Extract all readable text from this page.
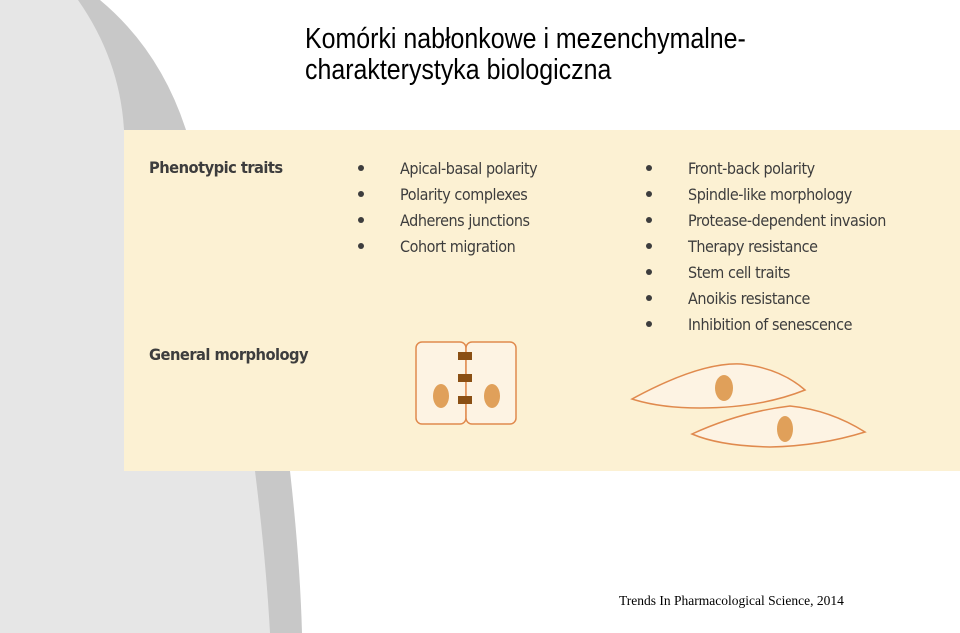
Komórki nabłonkowe i mezenchymalne-
charakterystyka biologiczna
Phenotypic traits
General morphology
Apical-basal polarity
Polarity complexes
Adherens junctions
Cohort migration
Front-back polarity
Spindle-like morphology
Protease-dependent invasion
Therapy resistance
Stem cell traits
Anoikis resistance
Inhibition of senescence
Trends In Pharmacological Science, 2014
